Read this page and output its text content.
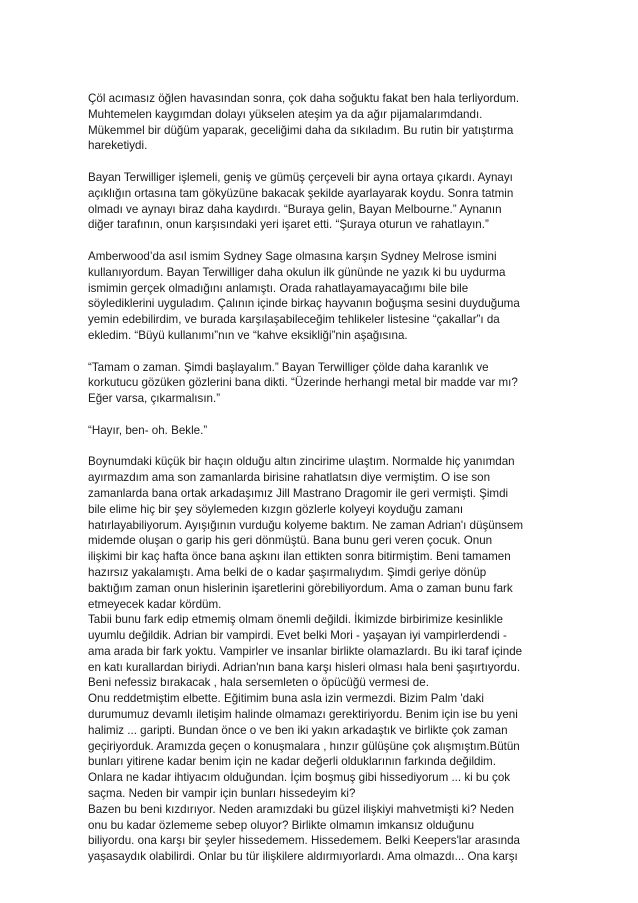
Çöl acımasız öğlen havasından sonra, çok daha soğuktu fakat ben hala terliyordum.
Muhtemelen kaygımdan dolayı yükselen ateşim ya da ağır pijamalarımdandı.
Mükemmel bir düğüm yaparak, geceliğimi daha da sıkıladım. Bu rutin bir yatıştırma
hareketiydi.
Bayan Terwilliger işlemeli, geniş ve gümüş çerçeveli bir ayna ortaya çıkardı. Aynayı
açıklığın ortasına tam gökyüzüne bakacak şekilde ayarlayarak koydu. Sonra tatmin
olmadı ve aynayı biraz daha kaydırdı. “Buraya gelin, Bayan Melbourne.” Aynanın
diğer tarafının, onun karşısındaki yeri işaret etti. “Şuraya oturun ve rahatlayın.”
Amberwood’da asıl ismim Sydney Sage olmasına karşın Sydney Melrose ismini
kullanıyordum. Bayan Terwilliger daha okulun ilk gününde ne yazık ki bu uydurma
ismimin gerçek olmadığını anlamıştı. Orada rahatlayamayacağımı bile bile
söylediklerini uyguladım. Çalının içinde birkaç hayvanın boğuşma sesini duyduğuma
yemin edebilirdim, ve burada karşılaşabileceğim tehlikeler listesine “çakallar”ı da
ekledim. “Büyü kullanımı”nın ve “kahve eksikliği”nin aşağısına.
“Tamam o zaman. Şimdi başlayalım.” Bayan Terwilliger çölde daha karanlık ve
korkutucu gözüken gözlerini bana dikti. “Üzerinde herhangi metal bir madde var mı?
Eğer varsa, çıkarmalısın.”
“Hayır, ben- oh. Bekle.”
Boynumdaki küçük bir haçın olduğu altın zincirime ulaştım. Normalde hiç yanımdan
ayırmazdım ama son zamanlarda birisine rahatlatsın diye vermiştim. O ise son
zamanlarda bana ortak arkadaşımız Jill Mastrano Dragomir ile geri vermişti. Şimdi
bile elime hiç bir şey söylemeden kızgın gözlerle kolyeyi koyduğu zamanı
hatırlayabiliyorum. Ayışığının vurduğu kolyeme baktım. Ne zaman Adrian'ı düşünsem
midemde oluşan o garip his geri dönmüştü. Bana bunu geri veren çocuk. Onun
ilişkimi bir kaç hafta önce bana aşkını ilan ettikten sonra bitirmiştim. Beni tamamen
hazırsız yakalamıştı. Ama belki de o kadar şaşırmalıydım. Şimdi geriye dönüp
baktığım zaman onun hislerinin işaretlerini görebiliyordum. Ama o zaman bunu fark
etmeyecek kadar kördüm.
Tabii bunu fark edip etmemiş olmam önemli değildi. İkimizde birbirimize kesinlikle
uyumlu değildik. Adrian bir vampirdi. Evet belki Mori - yaşayan iyi vampirlerdendi -
ama arada bir fark yoktu. Vampirler ve insanlar birlikte olamazlardı. Bu iki taraf içinde
en katı kurallardan biriydi. Adrian'nın bana karşı hisleri olması hala beni şaşırtıyordu.
Beni nefessiz bırakacak , hala sersemleten o öpücüğü vermesi de.
Onu reddetmiştim elbette. Eğitimim buna asla izin vermezdi. Bizim Palm 'daki
durumumuz devamlı iletişim halinde olmamazı gerektiriyordu. Benim için ise bu yeni
halimiz ... garipti. Bundan önce o ve ben iki yakın arkadaştık ve birlikte çok zaman
geçiriyorduk. Aramızda geçen o konuşmalara , hınzır gülüşüne çok alışmıştım.Bütün
bunları yitirene kadar benim için ne kadar değerli olduklarının farkında değildim.
Onlara ne kadar ihtiyacım olduğundan. İçim boşmuş gibi hissediyorum ... ki bu çok
saçma. Neden bir vampir için bunları hissedeyim ki?
Bazen bu beni kızdırıyor. Neden aramızdaki bu güzel ilişkiyi mahvetmişti ki? Neden
onu bu kadar özlememe sebep oluyor? Birlikte olmamın imkansız olduğunu
biliyordu. ona karşı bir şeyler hissedemem. Hissedemem. Belki Keepers'lar arasında
yaşasaydık olabilirdi. Onlar bu tür ilişkilere aldırmıyorlardı. Ama olmazdı... Ona karşı
